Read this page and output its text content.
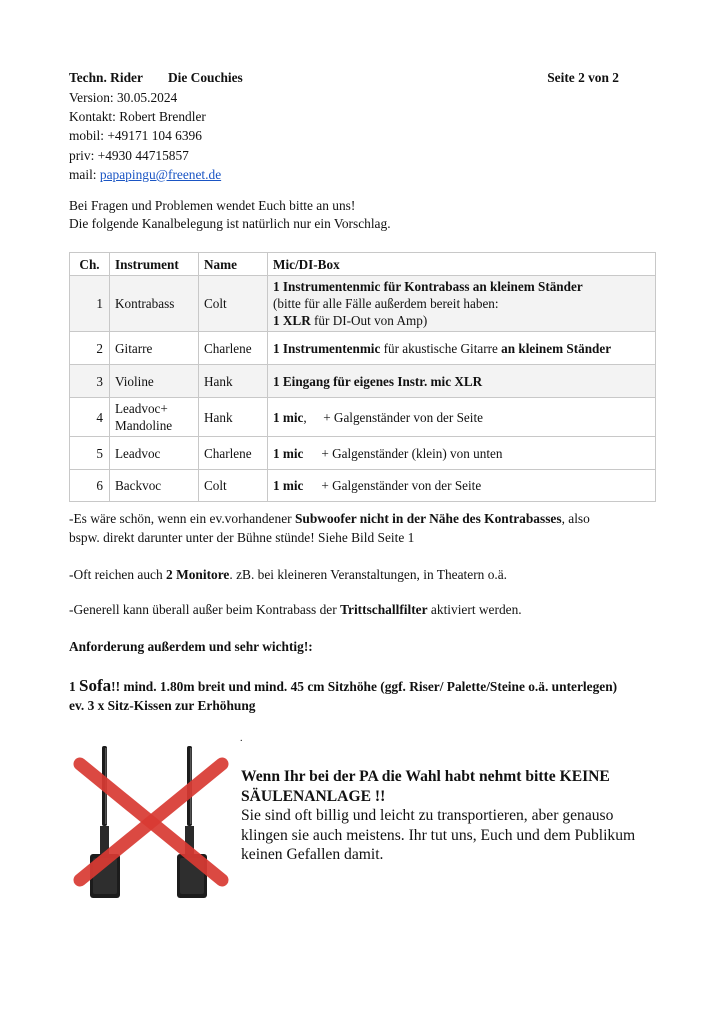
Techn. Rider Die Couchies	Seite 2 von 2
Version: 30.05.2024
Kontakt: Robert Brendler
mobil: +49171 104 6396
priv: +4930 44715857
mail: papapingu@freenet.de
Bei Fragen und Problemen wendet Euch bitte an uns!
Die folgende Kanalbelegung ist natürlich nur ein Vorschlag.
Ch.	Instrument	Name	Mic/DI-Box
1	Kontrabass	Colt	1 Instrumentenmic für Kontrabass an kleinem Ständer
(bitte für alle Fälle außerdem bereit haben:
1 XLR für DI-Out von Amp)
2	Gitarre	Charlene	1 Instrumentenmic für akustische Gitarre an kleinem Ständer
3	Violine	Hank	1 Eingang für eigenes Instr. mic XLR
4	Leadvoc+
Mandoline	Hank	1 mic,     + Galgenständer von der Seite
5	Leadvoc	Charlene	1 mic + Galgenständer (klein) von unten
6	Backvoc	Colt	1 mic + Galgenständer von der Seite
-Es wäre schön, wenn ein ev.vorhandener Subwoofer nicht in der Nähe des Kontrabasses, also
bspw. direkt darunter unter der Bühne stünde! Siehe Bild Seite 1
-Oft reichen auch 2 Monitore. zB. bei kleineren Veranstaltungen, in Theatern o.ä.
-Generell kann überall außer beim Kontrabass der Trittschallfilter aktiviert werden.
Anforderung außerdem und sehr wichtig!:
1 Sofa!! mind. 1.80m breit und mind. 45 cm Sitzhöhe (ggf. Riser/ Palette/Steine o.ä. unterlegen)
ev. 3 x Sitz-Kissen zur Erhöhung
.
Wenn Ihr bei der PA die Wahl habt nehmt bitte KEINE SÄULENANLAGE !!
Sie sind oft billig und leicht zu transportieren, aber genauso klingen sie auch meistens. Ihr tut uns, Euch und dem Publikum keinen Gefallen damit.
